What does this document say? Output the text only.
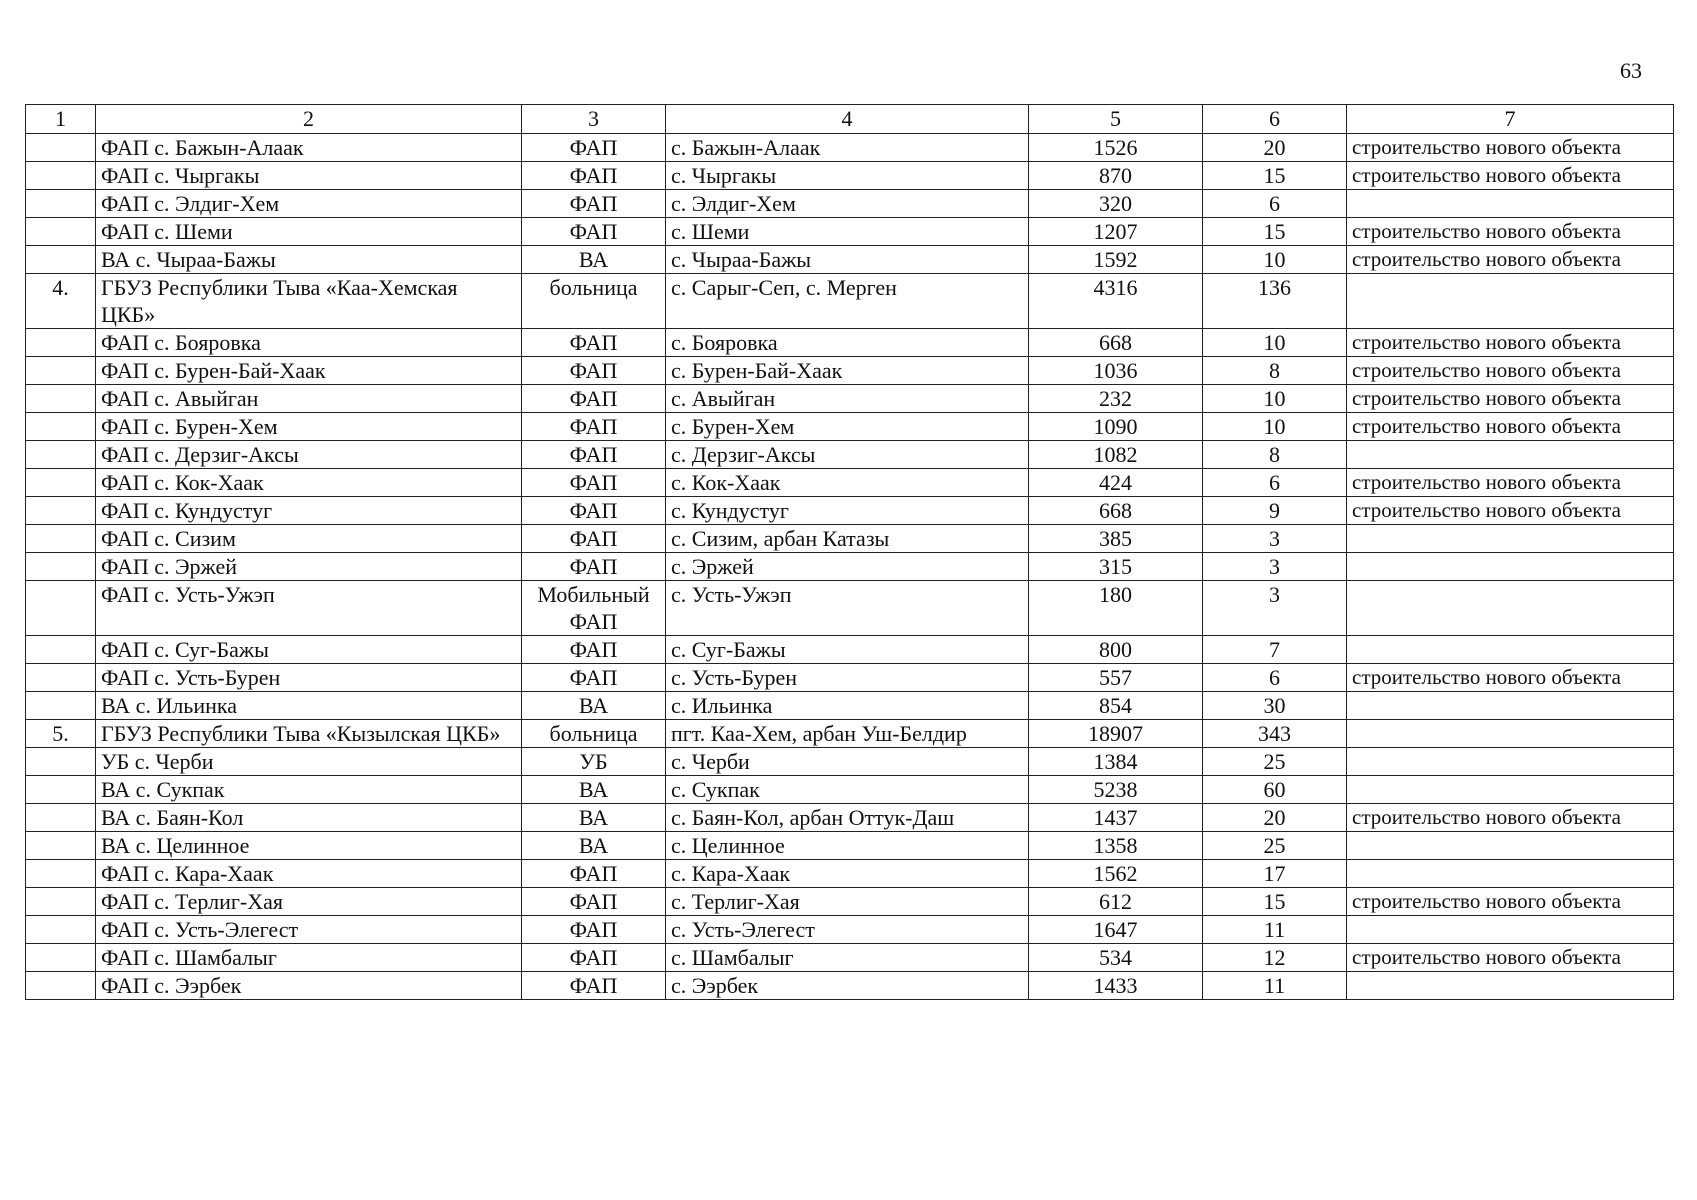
63
1	2	3	4	5	6	7
	ФАП с. Бажын-Алаак	ФАП	с. Бажын-Алаак	1526	20	строительство нового объекта
	ФАП с. Чыргакы	ФАП	с. Чыргакы	870	15	строительство нового объекта
	ФАП с. Элдиг-Хем	ФАП	с. Элдиг-Хем	320	6	
	ФАП с. Шеми	ФАП	с. Шеми	1207	15	строительство нового объекта
	ВА с. Чыраа-Бажы	ВА	с. Чыраа-Бажы	1592	10	строительство нового объекта
4.	ГБУЗ Республики Тыва «Каа-Хемская ЦКБ»	больница	с. Сарыг-Сеп, с. Мерген	4316	136	
	ФАП с. Бояровка	ФАП	с. Бояровка	668	10	строительство нового объекта
	ФАП с. Бурен-Бай-Хаак	ФАП	с. Бурен-Бай-Хаак	1036	8	строительство нового объекта
	ФАП с. Авыйган	ФАП	с. Авыйган	232	10	строительство нового объекта
	ФАП с. Бурен-Хем	ФАП	с. Бурен-Хем	1090	10	строительство нового объекта
	ФАП с. Дерзиг-Аксы	ФАП	с. Дерзиг-Аксы	1082	8	
	ФАП с. Кок-Хаак	ФАП	с. Кок-Хаак	424	6	строительство нового объекта
	ФАП с. Кундустуг	ФАП	с. Кундустуг	668	9	строительство нового объекта
	ФАП с. Сизим	ФАП	с. Сизим, арбан Катазы	385	3	
	ФАП с. Эржей	ФАП	с. Эржей	315	3	
	ФАП с. Усть-Ужэп	Мобильный ФАП	с. Усть-Ужэп	180	3	
	ФАП с. Суг-Бажы	ФАП	с. Суг-Бажы	800	7	
	ФАП с. Усть-Бурен	ФАП	с. Усть-Бурен	557	6	строительство нового объекта
	ВА с. Ильинка	ВА	с. Ильинка	854	30	
5.	ГБУЗ Республики Тыва «Кызылская ЦКБ»	больница	пгт. Каа-Хем, арбан Уш-Белдир	18907	343	
	УБ с. Черби	УБ	с. Черби	1384	25	
	ВА с. Сукпак	ВА	с. Сукпак	5238	60	
	ВА с. Баян-Кол	ВА	с. Баян-Кол, арбан Оттук-Даш	1437	20	строительство нового объекта
	ВА с. Целинное	ВА	с. Целинное	1358	25	
	ФАП с. Кара-Хаак	ФАП	с. Кара-Хаак	1562	17	
	ФАП с. Терлиг-Хая	ФАП	с. Терлиг-Хая	612	15	строительство нового объекта
	ФАП с. Усть-Элегест	ФАП	с. Усть-Элегест	1647	11	
	ФАП с. Шамбалыг	ФАП	с. Шамбалыг	534	12	строительство нового объекта
	ФАП с. Ээрбек	ФАП	с. Ээрбек	1433	11	
